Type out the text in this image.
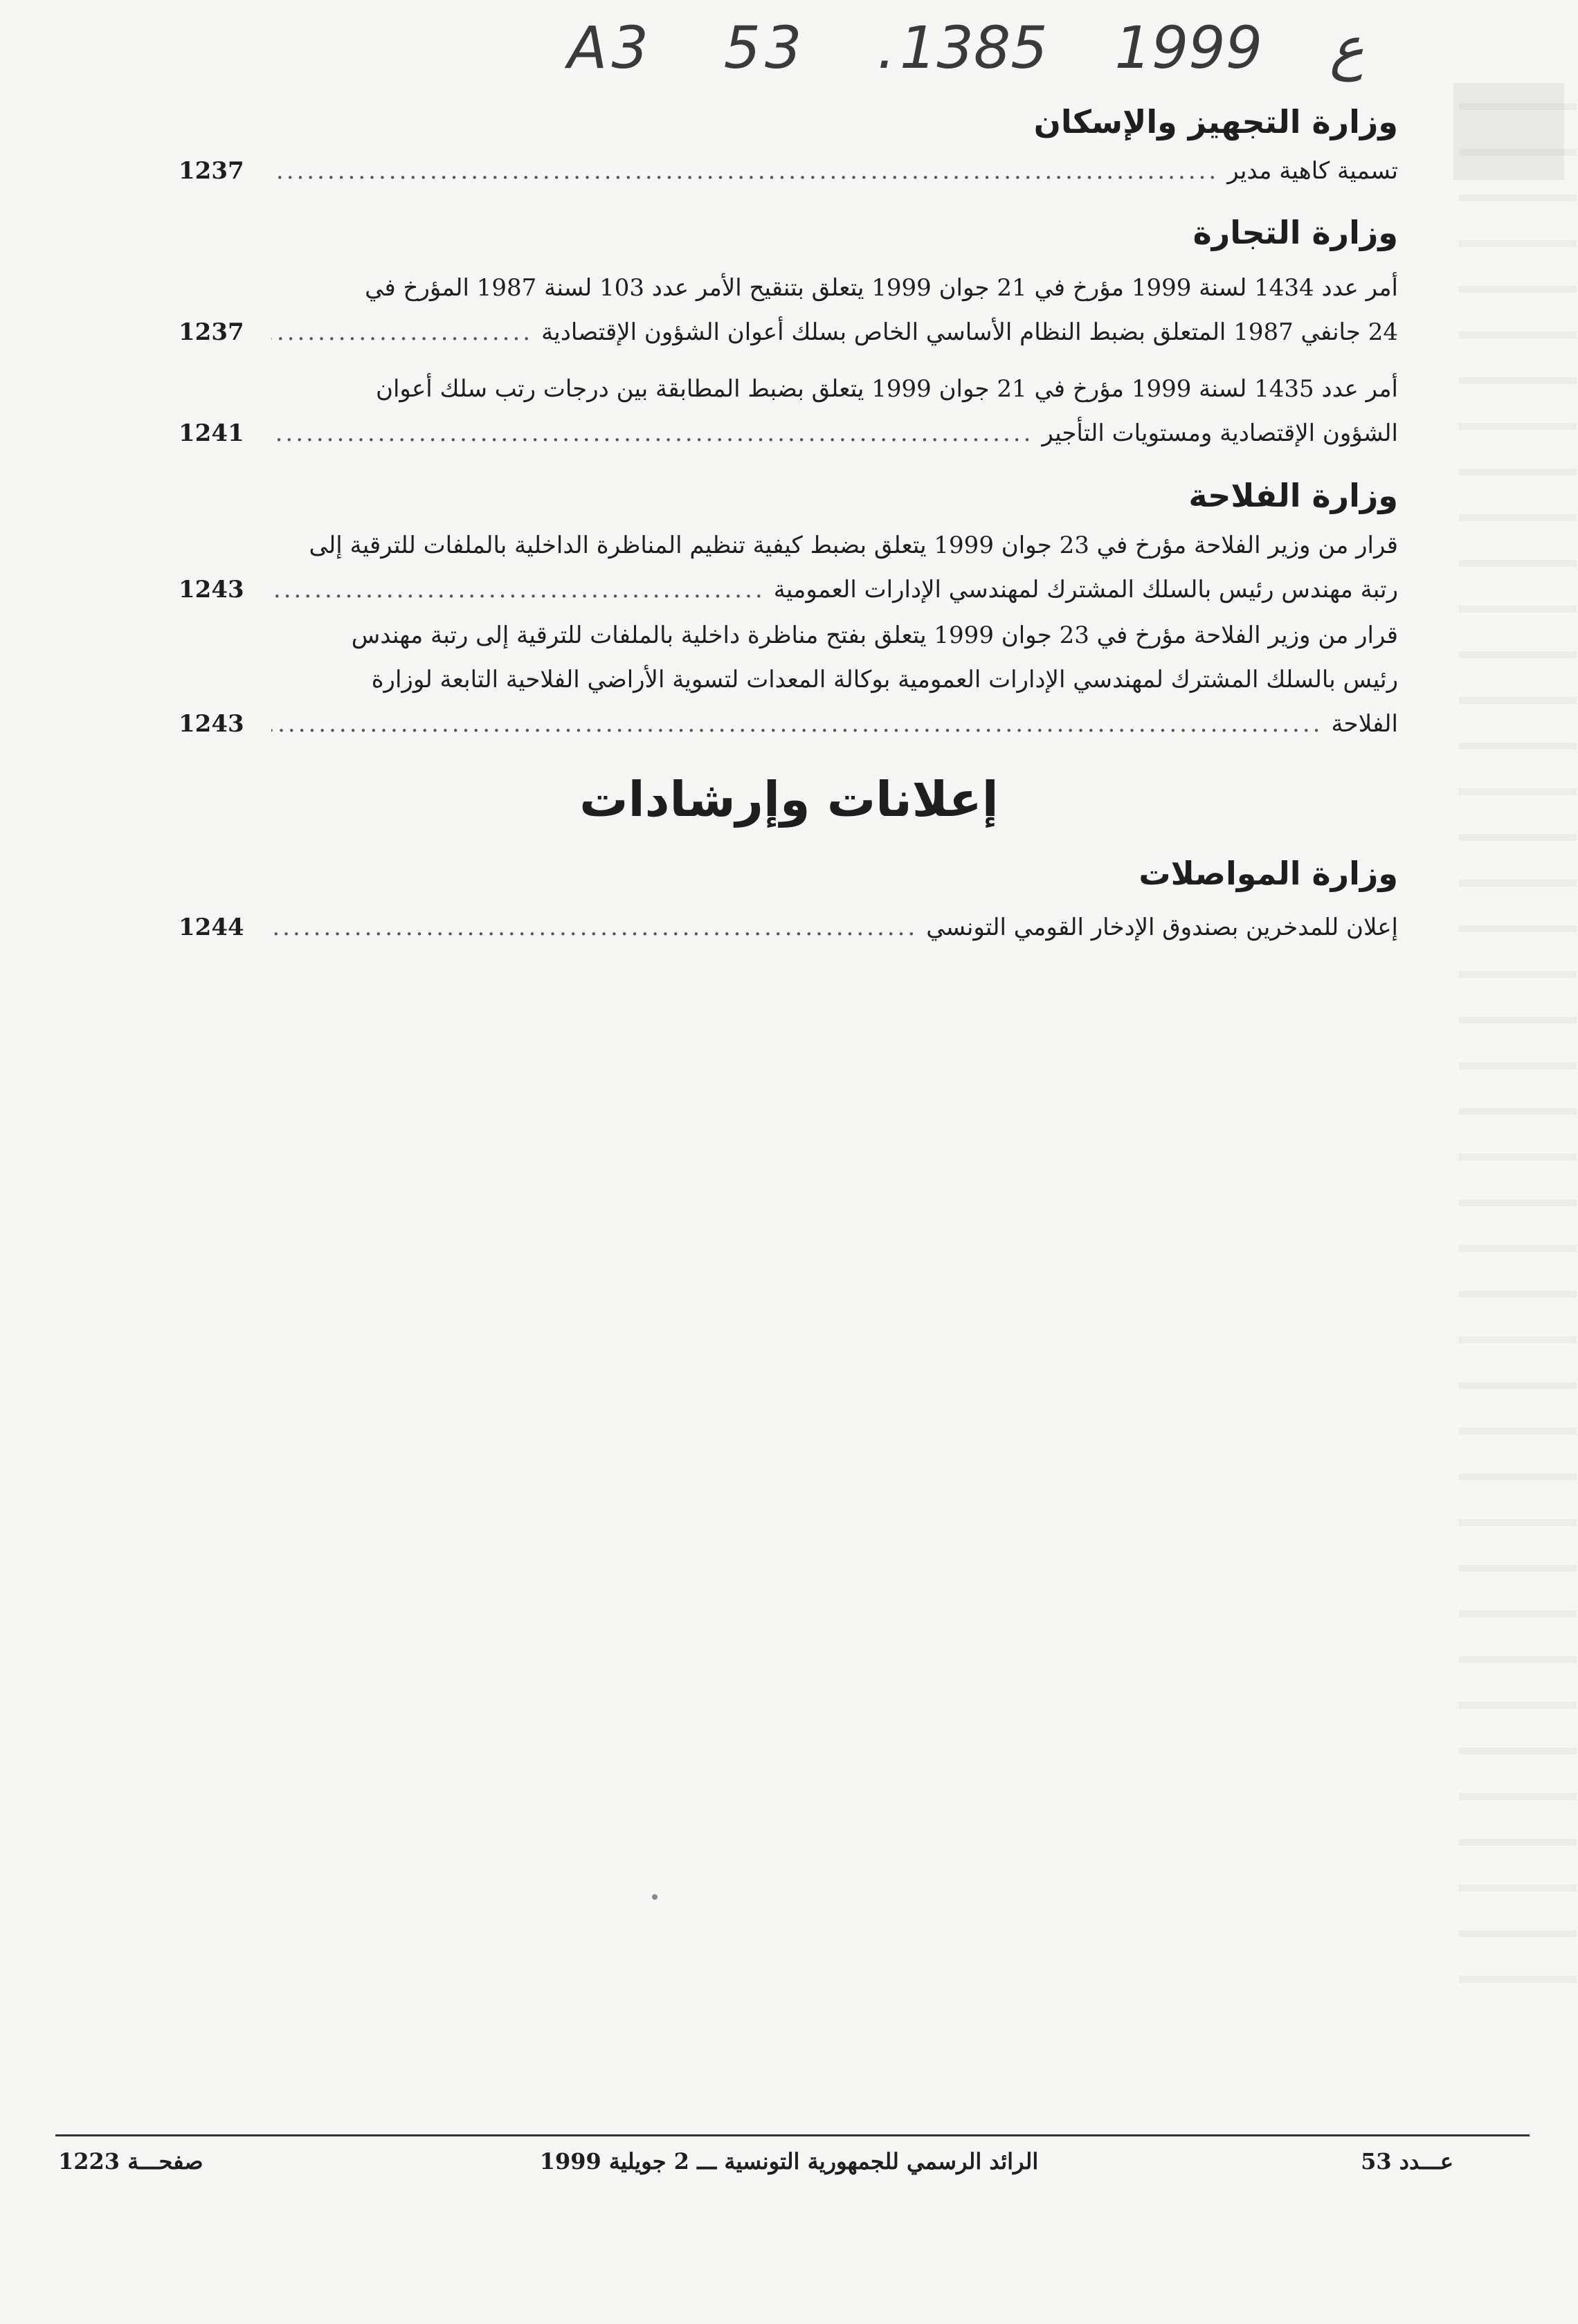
A3 53 .ع 1999 1385
وزارة التجهيز والإسكان
تسمية كاهية مدير
.....
1237
وزارة التجارة
أمر عدد 1434 لسنة 1999 مؤرخ في 21 جوان 1999 يتعلق بتنقيح الأمر عدد 103 لسنة 1987 المؤرخ في
24 جانفي 1987 المتعلق بضبط النظام الأساسي الخاص بسلك أعوان الشؤون الإقتصادية
.....
1237
أمر عدد 1435 لسنة 1999 مؤرخ في 21 جوان 1999 يتعلق بضبط المطابقة بين درجات رتب سلك أعوان
الشؤون الإقتصادية ومستويات التأجير
.....
1241
وزارة الفلاحة
قرار من وزير الفلاحة مؤرخ في 23 جوان 1999 يتعلق بضبط كيفية تنظيم المناظرة الداخلية بالملفات للترقية إلى
رتبة مهندس رئيس بالسلك المشترك لمهندسي الإدارات العمومية
.....
1243
قرار من وزير الفلاحة مؤرخ في 23 جوان 1999 يتعلق بفتح مناظرة داخلية بالملفات للترقية إلى رتبة مهندس
رئيس بالسلك المشترك لمهندسي الإدارات العمومية بوكالة المعدات لتسوية الأراضي الفلاحية التابعة لوزارة
الفلاحة
.....
1243
إعلانات وإرشادات
وزارة المواصلات
إعلان للمدخرين بصندوق الإدخار القومي التونسي
.....
1244
عـــدد 53
الرائد الرسمي للجمهورية التونسية ـــ 2 جويلية 1999
صفحـــة 1223
